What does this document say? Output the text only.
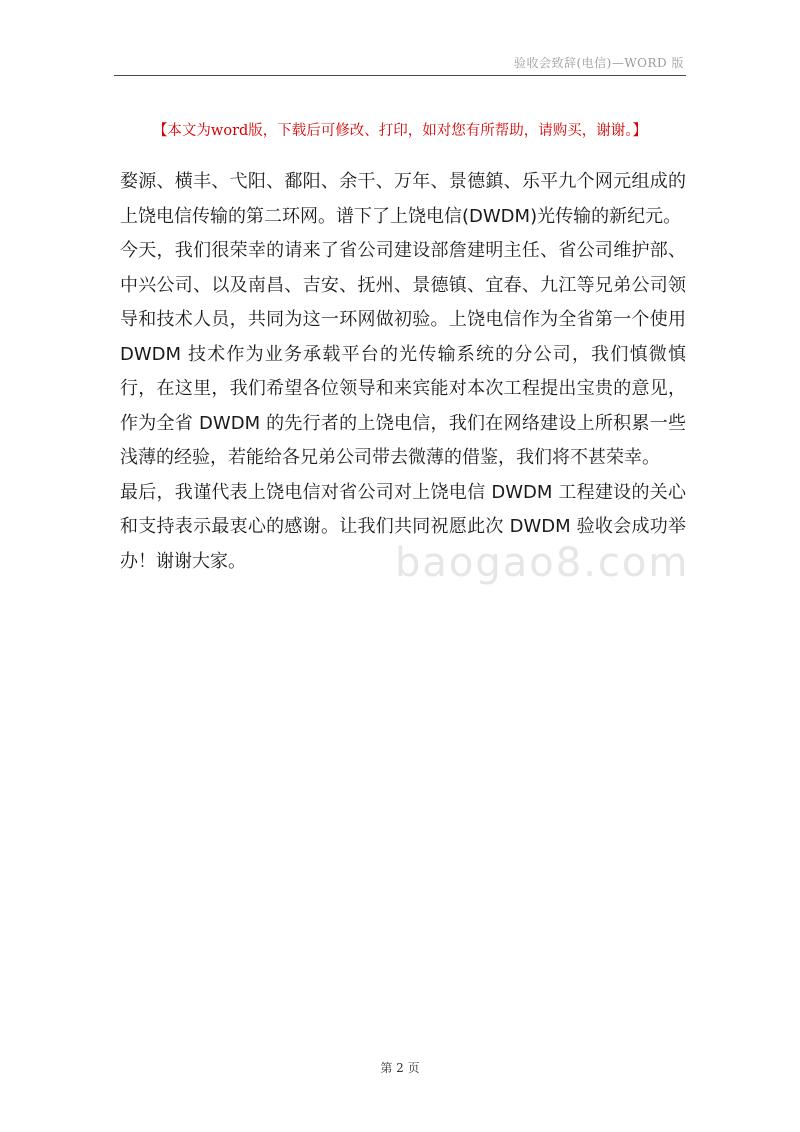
验收会致辞(电信)—WORD 版
【本文为word版，下载后可修改、打印，如对您有所帮助，请购买，谢谢。】
baogao8.com

婺源、横丰、弋阳、鄱阳、余干、万年、景德鎮、乐平九个网元组成的上饶电信传输的第二环网。谱下了上饶电信(DWDM)光传输的新纪元。

今天，我们很荣幸的请来了省公司建设部詹建明主任、省公司维护部、中兴公司、以及南昌、吉安、抚州、景德镇、宜春、九江等兄弟公司领导和技术人员，共同为这一环网做初验。上饶电信作为全省第一个使用 DWDM 技术作为业务承载平台的光传输系统的分公司，我们慎微慎行，在这里，我们希望各位领导和来宾能对本次工程提出宝贵的意见，作为全省 DWDM 的先行者的上饶电信，我们在网络建设上所积累一些浅薄的经验，若能给各兄弟公司带去微薄的借鉴，我们将不甚荣幸。

最后，我谨代表上饶电信对省公司对上饶电信 DWDM 工程建设的关心和支持表示最衷心的感谢。让我们共同祝愿此次 DWDM 验收会成功举办！谢谢大家。

第 2 页
